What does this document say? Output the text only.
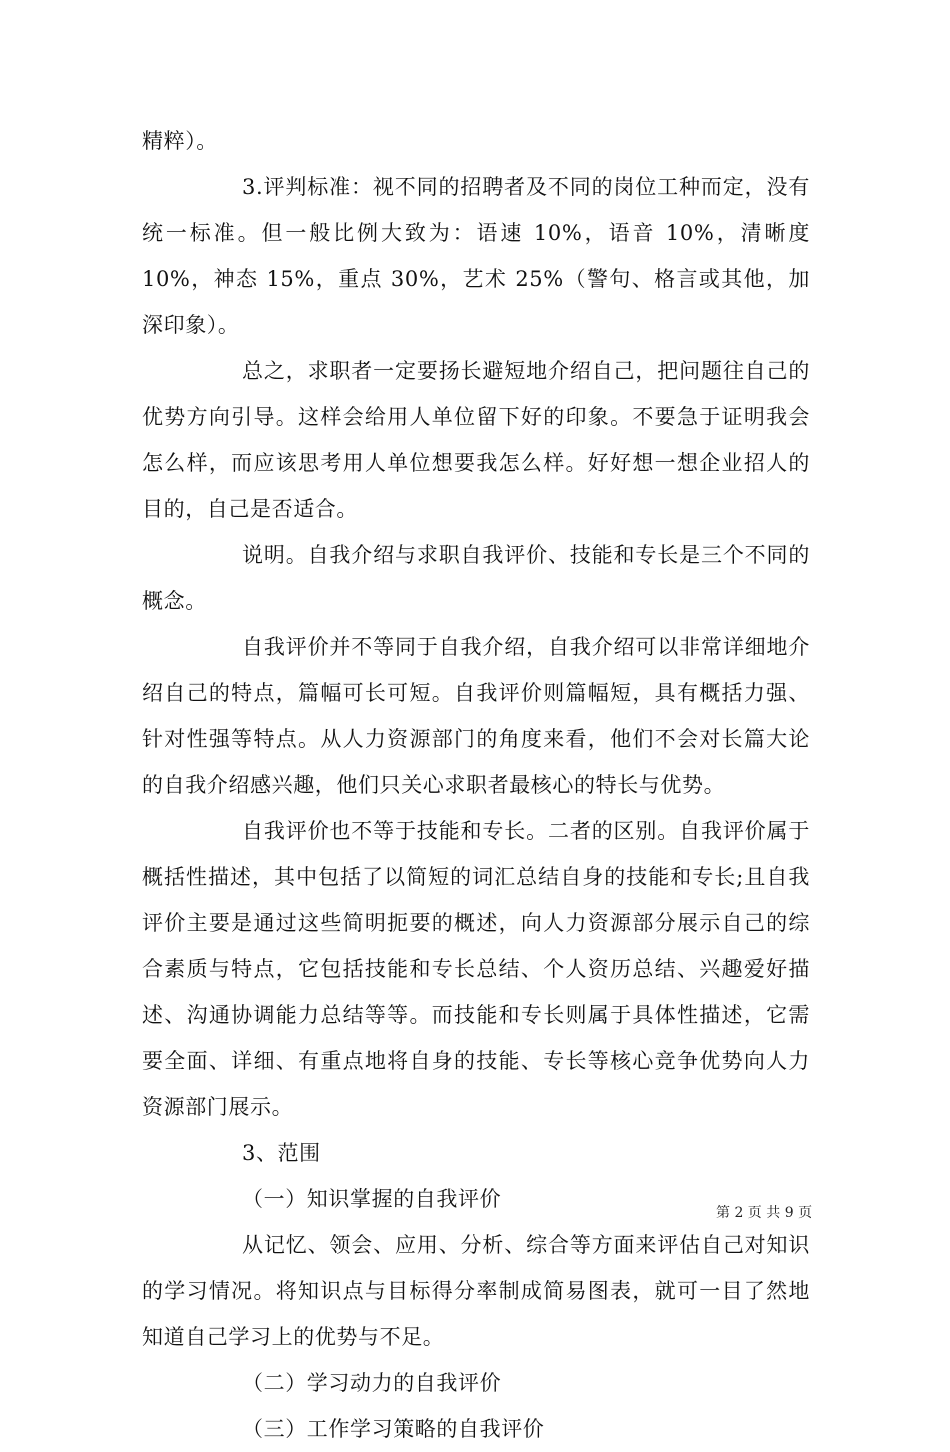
精粹）。

3.评判标准：视不同的招聘者及不同的岗位工种而定，没有统一标准。但一般比例大致为：语速 10%，语音 10%，清晰度 10%，神态 15%，重点 30%，艺术 25%（警句、格言或其他，加深印象）。

总之，求职者一定要扬长避短地介绍自己，把问题往自己的优势方向引导。这样会给用人单位留下好的印象。不要急于证明我会怎么样，而应该思考用人单位想要我怎么样。好好想一想企业招人的目的，自己是否适合。

说明。自我介绍与求职自我评价、技能和专长是三个不同的概念。

自我评价并不等同于自我介绍，自我介绍可以非常详细地介绍自己的特点，篇幅可长可短。自我评价则篇幅短，具有概括力强、针对性强等特点。从人力资源部门的角度来看，他们不会对长篇大论的自我介绍感兴趣，他们只关心求职者最核心的特长与优势。

自我评价也不等于技能和专长。二者的区别。自我评价属于概括性描述，其中包括了以简短的词汇总结自身的技能和专长;且自我评价主要是通过这些简明扼要的概述，向人力资源部分展示自己的综合素质与特点，它包括技能和专长总结、个人资历总结、兴趣爱好描述、沟通协调能力总结等等。而技能和专长则属于具体性描述，它需要全面、详细、有重点地将自身的技能、专长等核心竞争优势向人力资源部门展示。

3、范围

（一）知识掌握的自我评价

从记忆、领会、应用、分析、综合等方面来评估自己对知识的学习情况。将知识点与目标得分率制成简易图表，就可一目了然地知道自己学习上的优势与不足。

（二）学习动力的自我评价

（三）工作学习策略的自我评价

第 2 页 共 9 页
